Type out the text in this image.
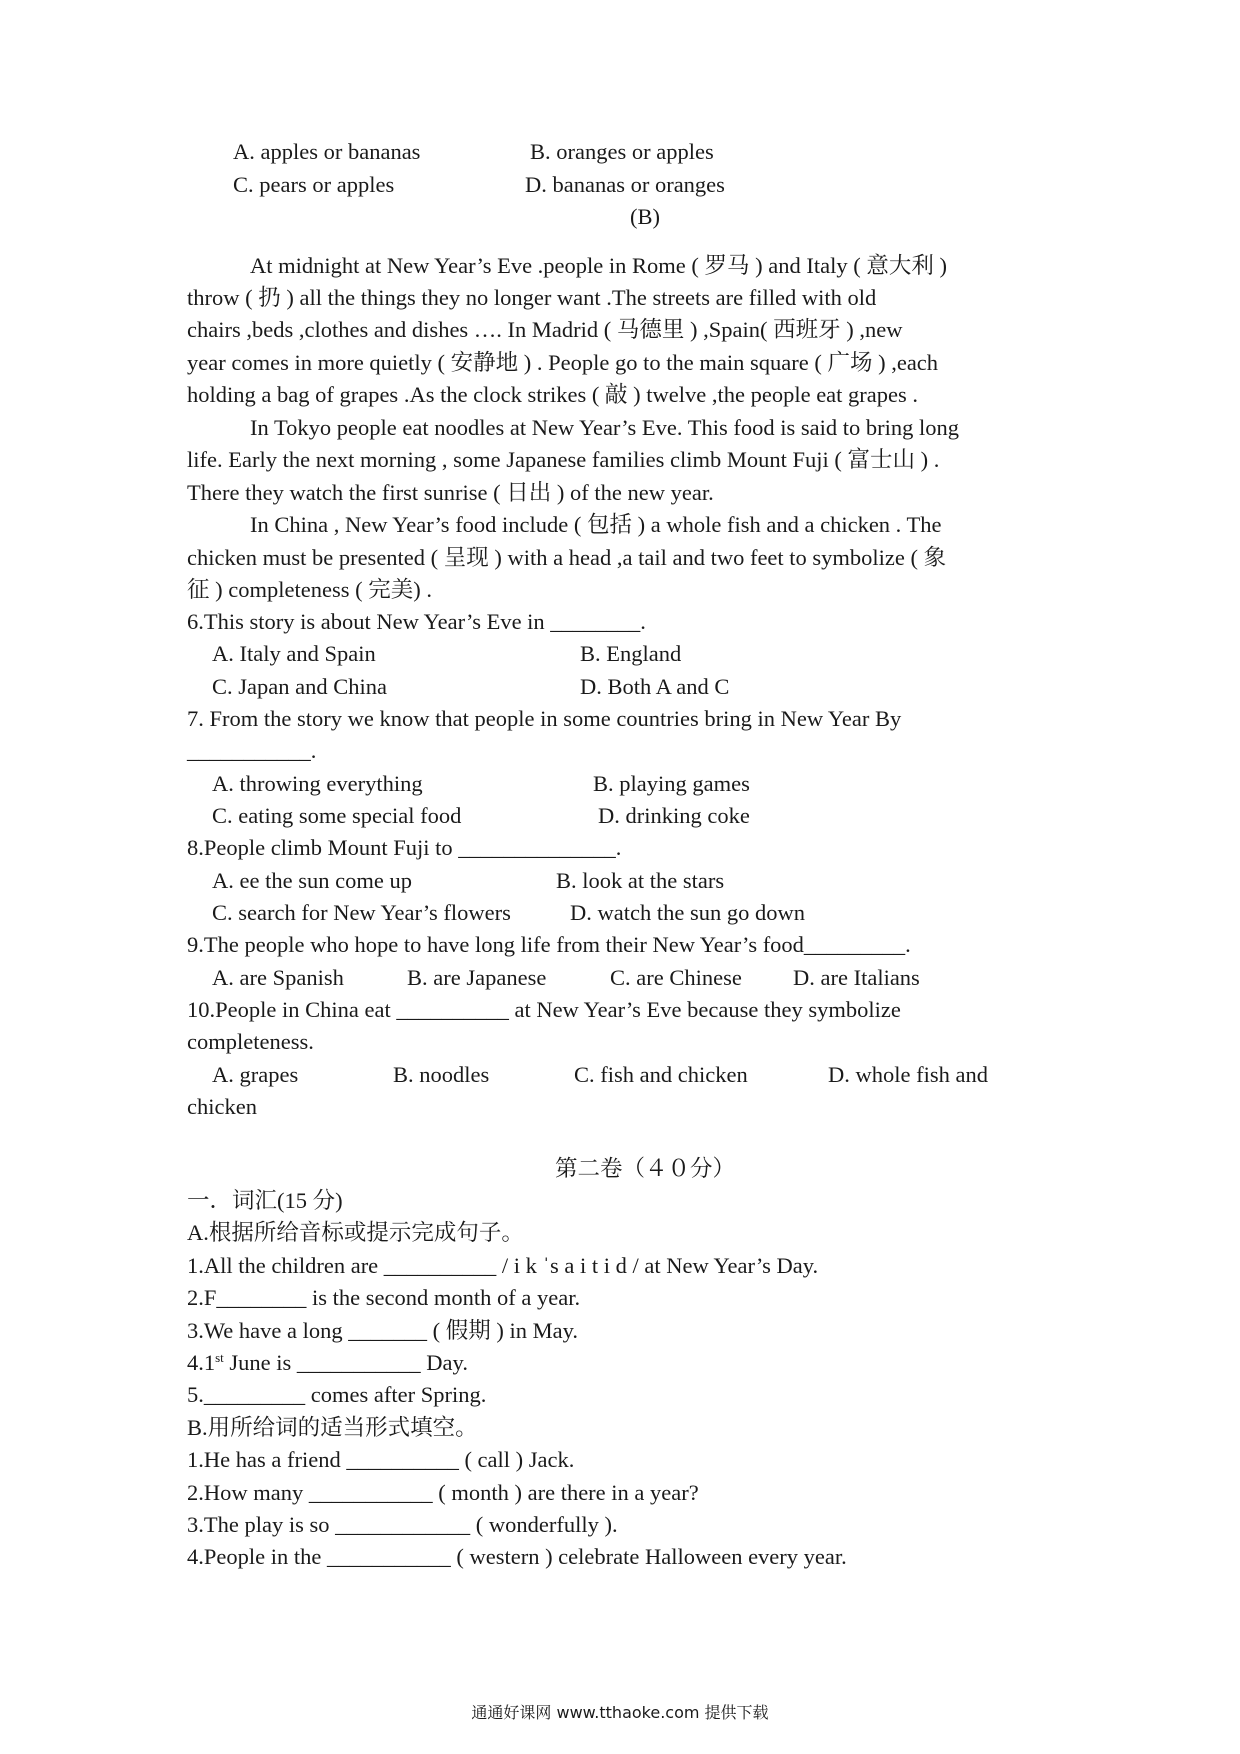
A. apples or bananas	B. oranges or apples
C. pears or apples	D. bananas or oranges
(B)
At midnight at New Year’s Eve .people in Rome ( 罗马 ) and Italy ( 意大利 )
throw ( 扔 ) all the things they no longer want .The streets are filled with old
chairs ,beds ,clothes and dishes …. In Madrid ( 马德里 ) ,Spain( 西班牙 ) ,new
year comes in more quietly ( 安静地 ) . People go to the main square ( 广场 ) ,each
holding a bag of grapes .As the clock strikes ( 敲 ) twelve ,the people eat grapes .
In Tokyo people eat noodles at New Year’s Eve. This food is said to bring long
life. Early the next morning , some Japanese families climb Mount Fuji ( 富士山 ) .
There they watch the first sunrise ( 日出 ) of the new year.
In China , New Year’s food include ( 包括 ) a whole fish and a chicken . The
chicken must be presented ( 呈现 ) with a head ,a tail and two feet to symbolize ( 象
征 ) completeness ( 完美) .
6.This story is about New Year’s Eve in ________.
A. Italy and Spain	B. England
C. Japan and China	D. Both A and C
7. From the story we know that people in some countries bring in New Year By
___________.
A. throwing everything	B. playing games
C. eating some special food	D. drinking coke
8.People climb Mount Fuji to ______________.
A. ee the sun come up	B. look at the stars
C. search for New Year’s flowers	D. watch the sun go down
9.The people who hope to have long life from their New Year’s food_________.
A. are Spanish	B. are Japanese	C. are Chinese D. are Italians
10.People in China eat __________ at New Year’s Eve because they symbolize
completeness.
A. grapes	B. noodles	C. fish and chicken	D. whole fish and
chicken
第二卷（４０分）
一．词汇(15 分)
A.根据所给音标或提示完成句子。
1.All the children are __________ / i k ˈs a i t i d / at New Year’s Day.
2.F________ is the second month of a year.
3.We have a long _______ ( 假期 ) in May.
4.1st June is ___________ Day.
5._________ comes after Spring.
B.用所给词的适当形式填空。
1.He has a friend __________ ( call ) Jack.
2.How many ___________ ( month ) are there in a year?
3.The play is so ____________ ( wonderfully ).
4.People in the ___________ ( western ) celebrate Halloween every year.
通通好课网 www.tthaoke.com 提供下载
